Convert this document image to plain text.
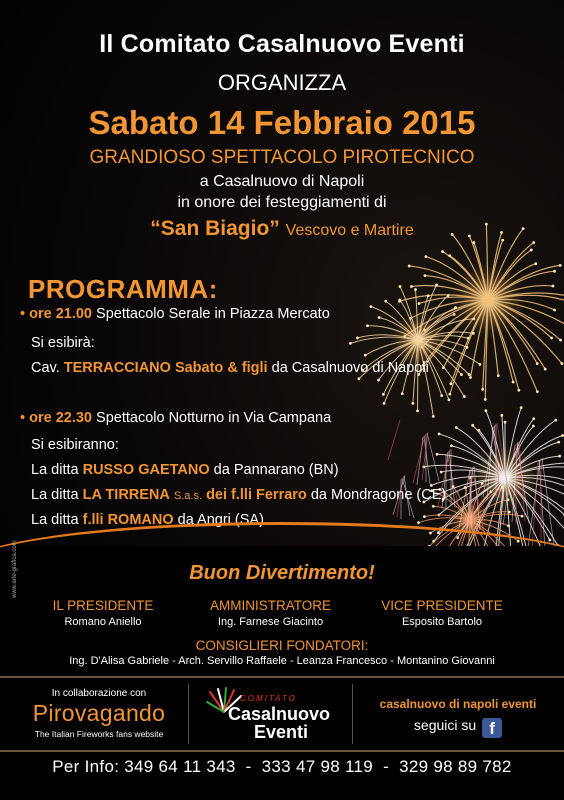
Il Comitato Casalnuovo Eventi
ORGANIZZA
Sabato 14 Febbraio 2015
GRANDIOSO SPETTACOLO PIROTECNICO
a Casalnuovo di Napoli
in onore dei festeggiamenti di
“San Biagio” Vescovo e Martire
PROGRAMMA:
• ore 21.00 Spettacolo Serale in Piazza Mercato
Si esibirà:
Cav. TERRACCIANO Sabato & figli da Casalnuovo di Napoli
• ore 22.30 Spettacolo Notturno in Via Campana
Si esibiranno:
La ditta RUSSO GAETANO da Pannarano (BN)
La ditta LA TIRRENA S.a.s. dei f.lli Ferraro da Mondragone (CE)
La ditta f.lli ROMANO da Angri (SA).
Buon Divertimento!
www.arte-grafica.com
IL PRESIDENTE
Romano Aniello
AMMINISTRATORE
Ing. Farnese Giacinto
VICE PRESIDENTE
Esposito Bartolo
CONSIGLIERI FONDATORI:
Ing. D'Alisa Gabriele - Arch. Servillo Raffaele - Leanza Francesco - Montanino Giovanni
In collaborazione con
Pirovagando
The Italian Fireworks fans website
COMITATO
Casalnuovo
Eventi
casalnuovo di napoli eventi
seguici su f
Per Info: 349 64 11 343  -  333 47 98 119  -  329 98 89 782
